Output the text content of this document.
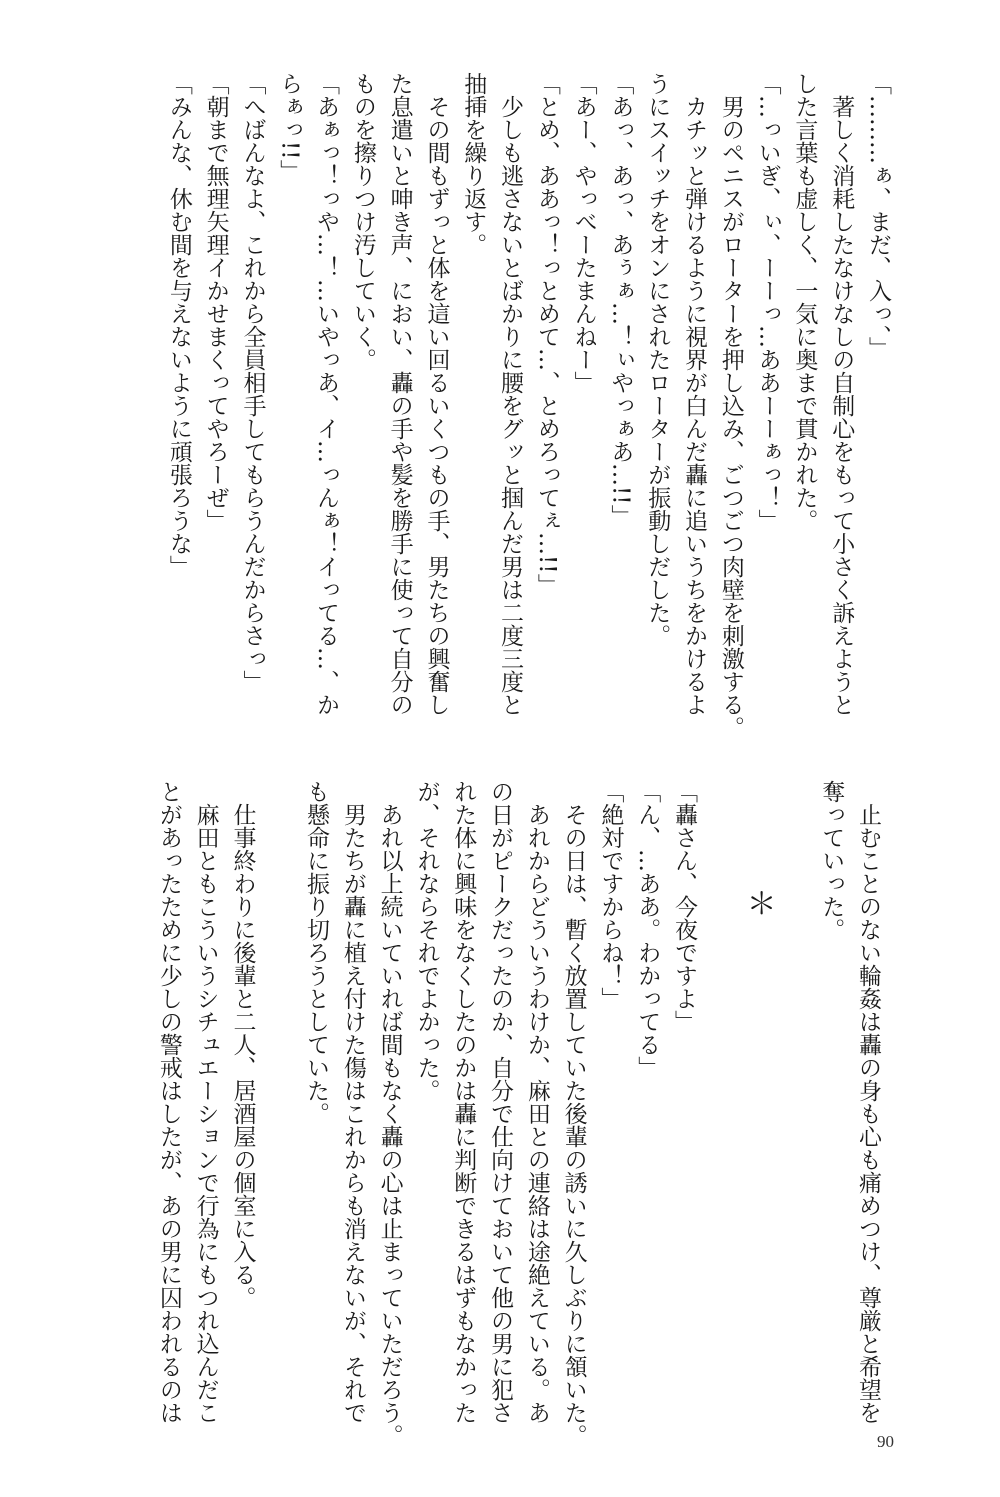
「………ぁ、まだ、入っ、」
　著しく消耗したなけなしの自制心をもって小さく訴えようと
した言葉も虚しく、一気に奥まで貫かれた。
「…っいぎ、ぃ、ーーっ…ああーーぁっ！」
　男のペニスがローターを押し込み、ごつごつ肉壁を刺激する。
　カチッと弾けるように視界が白んだ轟に追いうちをかけるよ
うにスイッチをオンにされたローターが振動しだした。
「あっ、あっ、あぅぁ…！ぃやっぁあ…!!」
「あー、やっべーたまんねー」
「とめ、ああっ！っとめて…、とめろってぇ…!!」
　少しも逃さないとばかりに腰をグッと掴んだ男は二度三度と
抽挿を繰り返す。
　その間もずっと体を這い回るいくつもの手、男たちの興奮し
た息遣いと呻き声、におい、轟の手や髪を勝手に使って自分の
ものを擦りつけ汚していく。
「あぁっ！っや…！…いやっあ、イ…っんぁ！イってる…、か
らぁっ!!」
「へばんなよ、これから全員相手してもらうんだからさっ」
「朝まで無理矢理イかせまくってやろーぜ」
「みんな、休む間を与えないように頑張ろうな」
　止むことのない輪姦は轟の身も心も痛めつけ、尊厳と希望を
奪っていった。

＊

「轟さん、今夜ですよ」
「ん、…ああ。わかってる」
「絶対ですからね！」
　その日は、暫く放置していた後輩の誘いに久しぶりに頷いた。
　あれからどういうわけか、麻田との連絡は途絶えている。あ
の日がピークだったのか、自分で仕向けておいて他の男に犯さ
れた体に興味をなくしたのかは轟に判断できるはずもなかった
が、それならそれでよかった。
　あれ以上続いていれば間もなく轟の心は止まっていただろう。
　男たちが轟に植え付けた傷はこれからも消えないが、それで
も懸命に振り切ろうとしていた。

　仕事終わりに後輩と二人、居酒屋の個室に入る。
　麻田ともこういうシチュエーションで行為にもつれ込んだこ
とがあったために少しの警戒はしたが、あの男に囚われるのは
90
